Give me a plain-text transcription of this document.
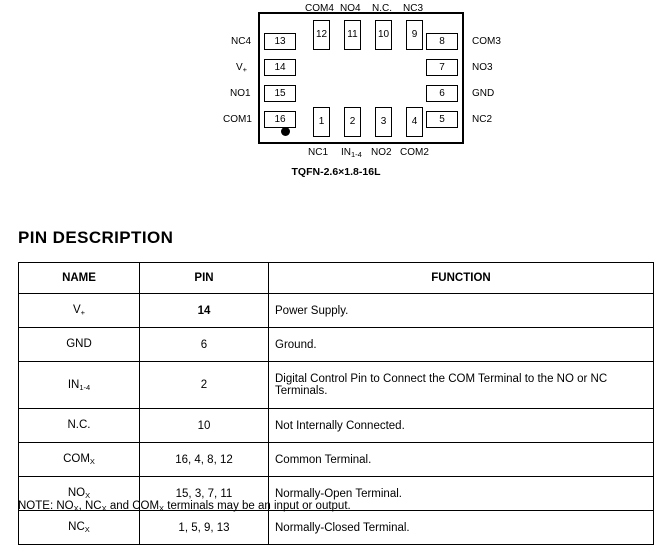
12 11 10 9
COM4 NO4 N.C. NC3
1	2	3	4
NC1 $IN_{1-4}$ NO2 COM2
13
14
15
16
NC4
$V_+$
NO1
COM1
8
7
6
5
COM3
NO3
GND
NC2
TQFN-2.6×1.8-16L
PIN DESCRIPTION
NAME	PIN	FUNCTION
$V_+$	14	Power Supply.
GND	6	Ground.
$IN_{1-4}$	2	Digital Control Pin to Connect the COM Terminal to the NO or NC Terminals.
N.C.	10	Not Internally Connected.
$COM_X$	16, 4, 8, 12	Common Terminal.
$NO_X$	15, 3, 7, 11	Normally-Open Terminal.
$NC_X$	1, 5, 9, 13	Normally-Closed Terminal.
NOTE: $NO_X$, $NC_X$ and $COM_X$ terminals may be an input or output.
